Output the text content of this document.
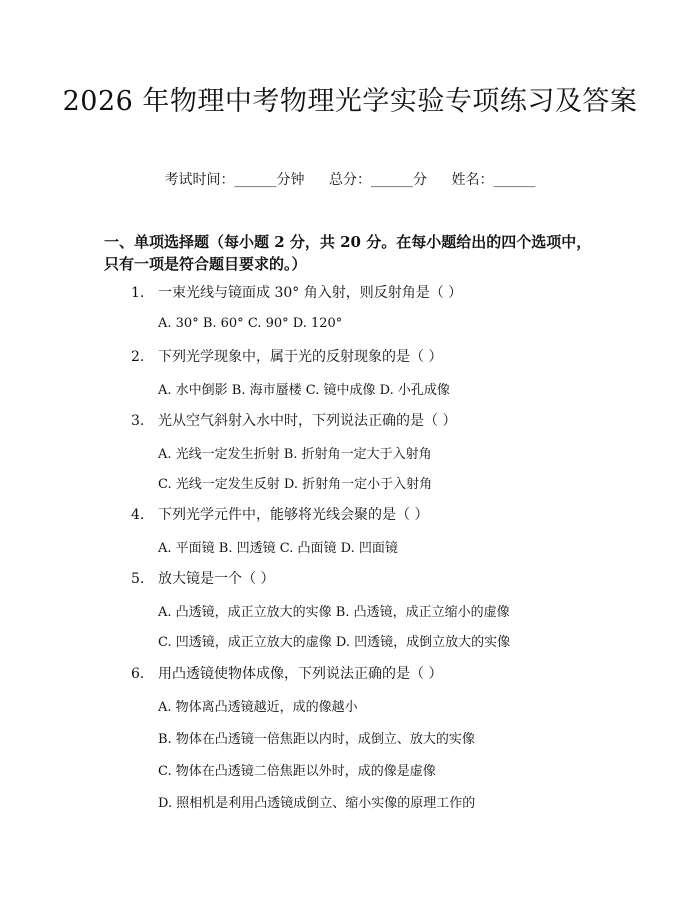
2026 年物理中考物理光学实验专项练习及答案
考试时间：______分钟 总分：______分 姓名：______
一、单项选择题（每小题 2 分，共 20 分。在每小题给出的四个选项中，只有一项是符合题目要求的。）
1. 一束光线与镜面成 30° 角入射，则反射角是（ ）
A. 30° B. 60° C. 90° D. 120°
2. 下列光学现象中，属于光的反射现象的是（ ）
A. 水中倒影 B. 海市蜃楼 C. 镜中成像 D. 小孔成像
3. 光从空气斜射入水中时，下列说法正确的是（ ）
A. 光线一定发生折射 B. 折射角一定大于入射角
C. 光线一定发生反射 D. 折射角一定小于入射角
4. 下列光学元件中，能够将光线会聚的是（ ）
A. 平面镜 B. 凹透镜 C. 凸面镜 D. 凹面镜
5. 放大镜是一个（ ）
A. 凸透镜，成正立放大的实像 B. 凸透镜，成正立缩小的虚像
C. 凹透镜，成正立放大的虚像 D. 凹透镜，成倒立放大的实像
6. 用凸透镜使物体成像，下列说法正确的是（ ）
A. 物体离凸透镜越近，成的像越小
B. 物体在凸透镜一倍焦距以内时，成倒立、放大的实像
C. 物体在凸透镜二倍焦距以外时，成的像是虚像
D. 照相机是利用凸透镜成倒立、缩小实像的原理工作的
